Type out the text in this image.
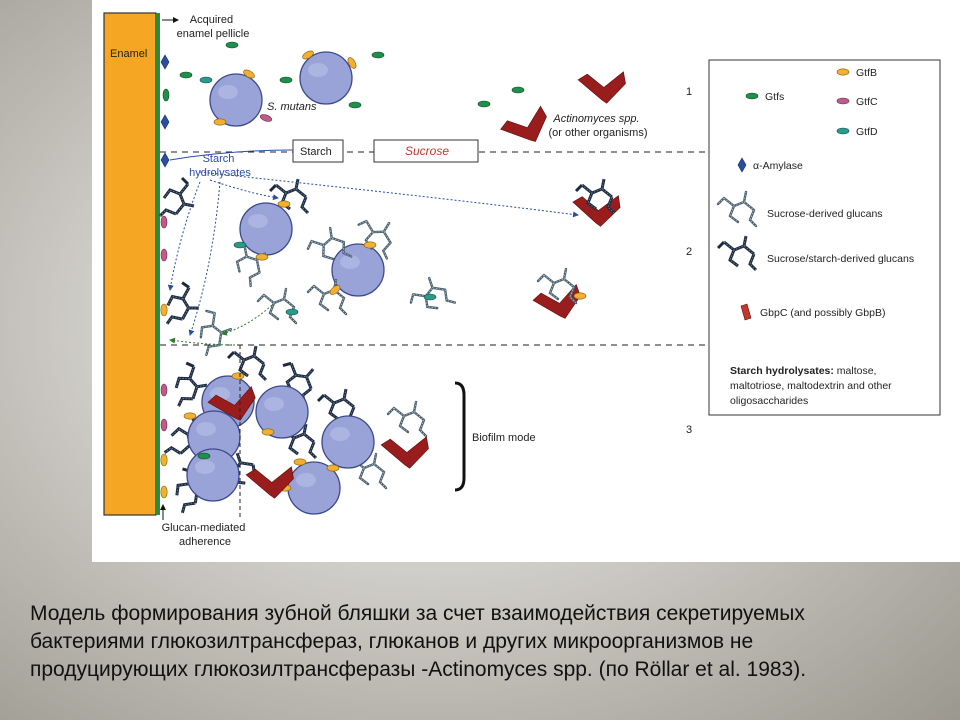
Enamel
Acquired enamel pellicle
1
2
3
S. mutans
Actinomyces spp. (or other organisms)
Starch	Sucrose
Starch hydrolysates
Biofilm mode
Glucan-mediated adherence
GtfB
Gtfs	GtfC
GtfD
α-Amylase
Sucrose-derived glucans
Sucrose/starch-derived glucans
GbpC (and possibly GbpB)
Starch hydrolysates: maltose, maltotriose, maltodextrin and other oligosaccharides
Модель формирования зубной бляшки за счет взаимодействия секретируемых
бактериями глюкозилтрансфераз, глюканов и других микроорганизмов не
продуцирующих глюкозилтрансферазы -Actinomyces spp. (по Röllar et al. 1983).
